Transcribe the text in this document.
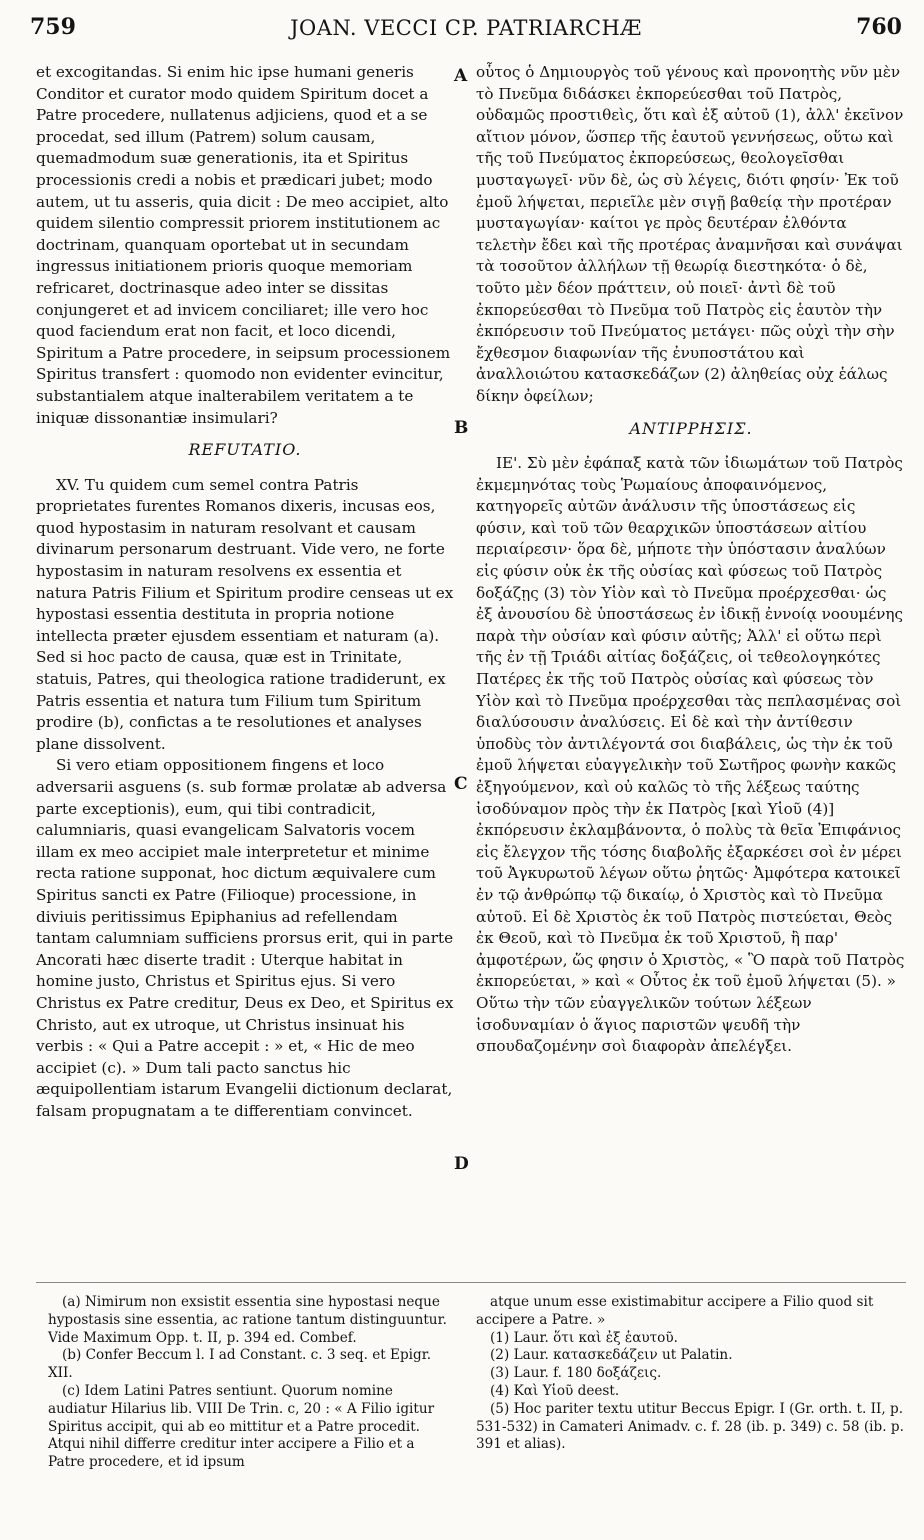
759	JOAN. VECCI CP. PATRIARCHÆ	760

et excogitandas. Si enim hic ipse humani generis Conditor et curator modo quidem Spiritum docet a Patre procedere, nullatenus adjiciens, quod et a se procedat, sed illum (Patrem) solum causam, quemadmodum suæ generationis, ita et Spiritus processionis credi a nobis et prædicari jubet; modo autem, ut tu asseris, quia dicit : De meo accipiet, alto quidem silentio compressit priorem institutionem ac doctrinam, quanquam oportebat ut in secundam ingressus initiationem prioris quoque memoriam refricaret, doctrinasque adeo inter se dissitas conjungeret et ad invicem conciliaret; ille vero hoc quod faciendum erat non facit, et loco dicendi, Spiritum a Patre procedere, in seipsum processionem Spiritus transfert : quomodo non evidenter evincitur, substantialem atque inalterabilem veritatem a te iniquæ dissonantiæ insimulari?

REFUTATIO.

XV. Tu quidem cum semel contra Patris proprietates furentes Romanos dixeris, incusas eos, quod hypostasim in naturam resolvant et causam divinarum personarum destruant. Vide vero, ne forte hypostasim in naturam resolvens ex essentia et natura Patris Filium et Spiritum prodire censeas ut ex hypostasi essentia destituta in propria notione intellecta præter ejusdem essentiam et naturam (a). Sed si hoc pacto de causa, quæ est in Trinitate, statuis, Patres, qui theologica ratione tradiderunt, ex Patris essentia et natura tum Filium tum Spiritum prodire (b), confictas a te resolutiones et analyses plane dissolvent.

Si vero etiam oppositionem fingens et loco adversarii asguens (s. sub formæ prolatæ ab adversa parte exceptionis), eum, qui tibi contradicit, calumniaris, quasi evangelicam Salvatoris vocem illam ex meo accipiet male interpretetur et minime recta ratione supponat, hoc dictum æquivalere cum Spiritus sancti ex Patre (Filioque) processione, in diviuis peritissimus Epiphanius ad refellendam tantam calumniam sufficiens prorsus erit, qui in parte Ancorati hæc diserte tradit : Uterque habitat in homine justo, Christus et Spiritus ejus. Si vero Christus ex Patre creditur, Deus ex Deo, et Spiritus ex Christo, aut ex utroque, ut Christus insinuat his verbis : « Qui a Patre accepit : » et, « Hic de meo accipiet (c). » Dum tali pacto sanctus hic æquipollentiam istarum Evangelii dictionum declarat, falsam propugnatam a te differentiam convincet.

οὗτος ὁ Δημιουργὸς τοῦ γένους καὶ προνοητὴς νῦν μὲν τὸ Πνεῦμα διδάσκει ἐκπορεύεσθαι τοῦ Πατρὸς, οὐδαμῶς προστιθεὶς, ὅτι καὶ ἐξ αὐτοῦ (1), ἀλλ' ἐκεῖνον αἴτιον μόνον, ὥσπερ τῆς ἑαυτοῦ γεννήσεως, οὕτω καὶ τῆς τοῦ Πνεύματος ἐκπορεύσεως, θεολογεῖσθαι μυσταγωγεῖ· νῦν δὲ, ὡς σὺ λέγεις, διότι φησίν· Ἐκ τοῦ ἐμοῦ λήψεται, περιεῖλε μὲν σιγῇ βαθείᾳ τὴν προτέραν μυσταγωγίαν· καίτοι γε πρὸς δευτέραν ἐλθόντα τελετὴν ἔδει καὶ τῆς προτέρας ἀναμνῆσαι καὶ συνάψαι τὰ τοσοῦτον ἀλλήλων τῇ θεωρίᾳ διεστηκότα· ὁ δὲ, τοῦτο μὲν δέον πράττειν, οὐ ποιεῖ· ἀντὶ δὲ τοῦ ἐκπορεύεσθαι τὸ Πνεῦμα τοῦ Πατρὸς εἰς ἑαυτὸν τὴν ἐκπόρευσιν τοῦ Πνεύματος μετάγει· πῶς οὐχὶ τὴν σὴν ἔχθεσμον διαφωνίαν τῆς ἐνυποστάτου καὶ ἀναλλοιώτου κατασκεδάζων (2) ἀληθείας οὐχ ἑάλως δίκην ὀφείλων;

ΑΝΤΙΡΡΗΣΙΣ.

ΙΕ'. Σὺ μὲν ἐφάπαξ κατὰ τῶν ἰδιωμάτων τοῦ Πατρὸς ἐκμεμηνότας τοὺς Ῥωμαίους ἀποφαινόμενος, κατηγορεῖς αὐτῶν ἀνάλυσιν τῆς ὑποστάσεως εἰς φύσιν, καὶ τοῦ τῶν θεαρχικῶν ὑποστάσεων αἰτίου περιαίρεσιν· ὅρα δὲ, μήποτε τὴν ὑπόστασιν ἀναλύων εἰς φύσιν οὐκ ἐκ τῆς οὐσίας καὶ φύσεως τοῦ Πατρὸς δοξάζῃς (3) τὸν Υἱὸν καὶ τὸ Πνεῦμα προέρχεσθαι· ὡς ἐξ ἀνουσίου δὲ ὑποστάσεως ἐν ἰδικῇ ἐννοίᾳ νοουμένης παρὰ τὴν οὐσίαν καὶ φύσιν αὐτῆς; Ἀλλ' εἰ οὕτω περὶ τῆς ἐν τῇ Τριάδι αἰτίας δοξάζεις, οἱ τεθεολογηκότες Πατέρες ἐκ τῆς τοῦ Πατρὸς οὐσίας καὶ φύσεως τὸν Υἱὸν καὶ τὸ Πνεῦμα προέρχεσθαι τὰς πεπλασμένας σοὶ διαλύσουσιν ἀναλύσεις. Εἰ δὲ καὶ τὴν ἀντίθεσιν ὑποδὺς τὸν ἀντιλέγοντά σοι διαβάλεις, ὡς τὴν ἐκ τοῦ ἐμοῦ λήψεται εὐαγγελικὴν τοῦ Σωτῆρος φωνὴν κακῶς ἐξηγούμενον, καὶ οὐ καλῶς τὸ τῆς λέξεως ταύτης ἰσοδύναμον πρὸς τὴν ἐκ Πατρὸς [καὶ Υἱοῦ (4)] ἐκπόρευσιν ἐκλαμβάνοντα, ὁ πολὺς τὰ θεῖα Ἐπιφάνιος εἰς ἔλεγχον τῆς τόσης διαβολῆς ἐξαρκέσει σοὶ ἐν μέρει τοῦ Ἀγκυρωτοῦ λέγων οὕτω ῥητῶς· Ἀμφότερα κατοικεῖ ἐν τῷ ἀνθρώπῳ τῷ δικαίῳ, ὁ Χριστὸς καὶ τὸ Πνεῦμα αὐτοῦ. Εἰ δὲ Χριστὸς ἐκ τοῦ Πατρὸς πιστεύεται, Θεὸς ἐκ Θεοῦ, καὶ τὸ Πνεῦμα ἐκ τοῦ Χριστοῦ, ἢ παρ' ἀμφοτέρων, ὥς φησιν ὁ Χριστὸς, « Ὃ παρὰ τοῦ Πατρὸς ἐκπορεύεται, » καὶ « Οὗτος ἐκ τοῦ ἐμοῦ λήψεται (5). » Οὕτω τὴν τῶν εὐαγγελικῶν τούτων λέξεων ἰσοδυναμίαν ὁ ἅγιος παριστῶν ψευδῆ τὴν σπουδαζομένην σοὶ διαφορὰν ἀπελέγξει.

A
B
C
D

(a) Nimirum non exsistit essentia sine hypostasi neque hypostasis sine essentia, ac ratione tantum distinguuntur. Vide Maximum Opp. t. II, p. 394 ed. Combef.

(b) Confer Beccum l. I ad Constant. c. 3 seq. et Epigr. XII.

(c) Idem Latini Patres sentiunt. Quorum nomine audiatur Hilarius lib. VIII De Trin. c, 20 : « A Filio igitur Spiritus accipit, qui ab eo mittitur et a Patre procedit. Atqui nihil differre creditur inter accipere a Filio et a Patre procedere, et id ipsum

atque unum esse existimabitur accipere a Filio quod sit accipere a Patre. »

(1) Laur. ὅτι καὶ ἐξ ἑαυτοῦ.

(2) Laur. κατασκεδάζειν ut Palatin.

(3) Laur. f. 180 δοξάζεις.

(4) Καὶ Υἱοῦ deest.

(5) Hoc pariter textu utitur Beccus Epigr. I (Gr. orth. t. II, p. 531-532) in Camateri Animadv. c. f. 28 (ib. p. 349) c. 58 (ib. p. 391 et alias).
